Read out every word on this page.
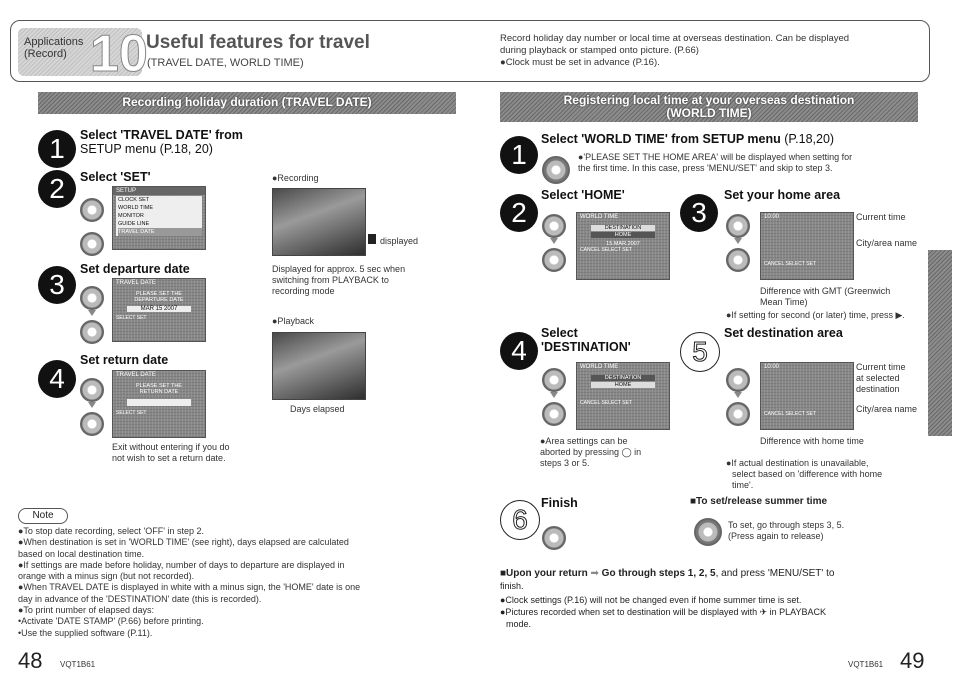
Applications
(Record) 10
Useful features for travel
(TRAVEL DATE, WORLD TIME)
Record holiday day number or local time at overseas destination. Can be displayed
during playback or stamped onto picture. (P.66)
●Clock must be set in advance (P.16).
Recording holiday duration (TRAVEL DATE)
1	Select 'TRAVEL DATE' from
SETUP menu (P.18, 20)
2	Select 'SET'
SETUP
CLOCK SET
WORLD TIME
MONITOR
GUIDE LINE
TRAVEL DATE
3	Set departure date
TRAVEL DATE
PLEASE SET THE
DEPARTURE DATE
MAR 15 2007
SELECT SET
4
Set return date
TRAVEL DATE
PLEASE SET THE
RETURN DATE
SELECT SET
Exit without entering if you do
not wish to set a return date.
●Recording
displayed
Displayed for approx. 5 sec when
switching from PLAYBACK to
recording mode
●Playback
Days elapsed
Note
●To stop date recording, select 'OFF' in step 2.
●When destination is set in 'WORLD TIME' (see right), days elapsed are calculated
based on local destination time.
●If settings are made before holiday, number of days to departure are displayed in
orange with a minus sign (but not recorded).
●When TRAVEL DATE is displayed in white with a minus sign, the 'HOME' date is one
day in advance of the 'DESTINATION' date (this is recorded).
●To print number of elapsed days:
•Activate 'DATE STAMP' (P.66) before printing.
•Use the supplied software (P.11).
48 VQT1B61	VQT1B61 49
Registering local time at your overseas destination
(WORLD TIME)
1	Select 'WORLD TIME' from SETUP menu (P.18,20)
●'PLEASE SET THE HOME AREA' will be displayed when setting for
the first time. In this case, press 'MENU/SET' and skip to step 3.
2
Select 'HOME'
WORLD TIME
DESTINATION
HOME
15.MAR.2007
CANCEL SELECT SET
3
Set your home area
10:00
CANCEL SELECT SET
Current time
City/area name
Difference with GMT (Greenwich
Mean Time)
●If setting for second (or later) time, press ▶.
4
Select
'DESTINATION'
WORLD TIME
DESTINATION
HOME
CANCEL SELECT SET
●Area settings can be
aborted by pressing ◯ in
steps 3 or 5.
5
Set destination area
10:00
CANCEL SELECT SET
Current time
at selected
destination
City/area name
Difference with home time
●If actual destination is unavailable,
select based on 'difference with home
time'.
6
Finish	■To set/release summer time
To set, go through steps 3, 5.
(Press again to release)
■Upon your return ➡ Go through steps 1, 2, 5, and press 'MENU/SET' to
finish.
●Clock settings (P.16) will not be changed even if home summer time is set.
●Pictures recorded when set to destination will be displayed with ✈ in PLAYBACK
mode.
